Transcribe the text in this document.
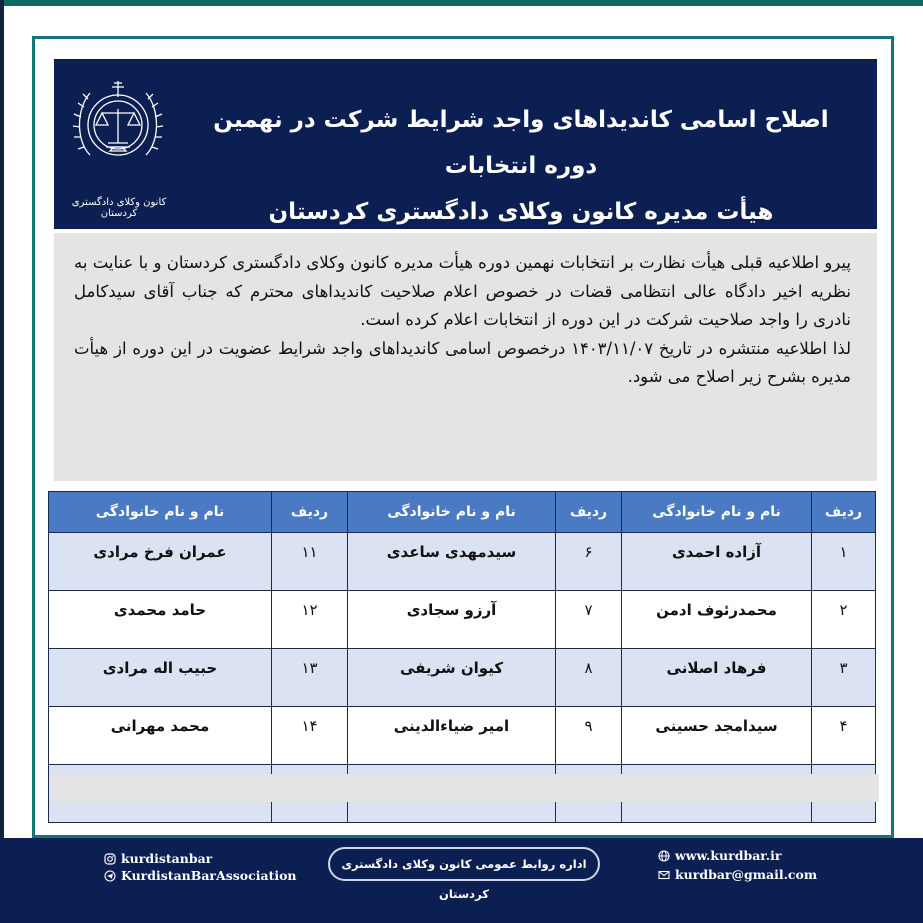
کانون وکلای دادگستری کردستان
اصلاح اسامی کاندیداهای واجد شرایط شرکت در نهمین دوره انتخابات
هیأت مدیره کانون وکلای دادگستری کردستان

پیرو اطلاعیه قبلی هیأت نظارت بر انتخابات نهمین دوره هیأت مدیره کانون وکلای دادگستری کردستان و با عنایت به نظریه اخیر دادگاه عالی انتظامی قضات در خصوص اعلام صلاحیت کاندیداهای محترم که جناب آقای سیدکامل نادری را واجد صلاحیت شرکت در این دوره از انتخابات اعلام کرده است.

لذا اطلاعیه منتشره در تاریخ ۱۴۰۳/۱۱/۰۷ درخصوص اسامی کاندیداهای واجد شرایط عضویت در این دوره از هیأت مدیره بشرح زیر اصلاح می شود.

ردیف	نام و نام خانوادگی	ردیف	نام و نام خانوادگی	ردیف	نام و نام خانوادگی
۱	آزاده احمدی	۶	سیدمهدی ساعدی	۱۱	عمران فرخ مرادی
۲	محمدرئوف ادمن	۷	آرزو سجادی	۱۲	حامد محمدی
۳	فرهاد اصلانی	۸	کیوان شریفی	۱۳	حبیب اله مرادی
۴	سیدامجد حسینی	۹	امیر ضیاءالدینی	۱۴	محمد مهرانی

kurdistanbar
KurdistanBarAssociation
اداره روابط عمومی کانون وکلای دادگستری کردستان
www.kurdbar.ir
kurdbar@gmail.com
